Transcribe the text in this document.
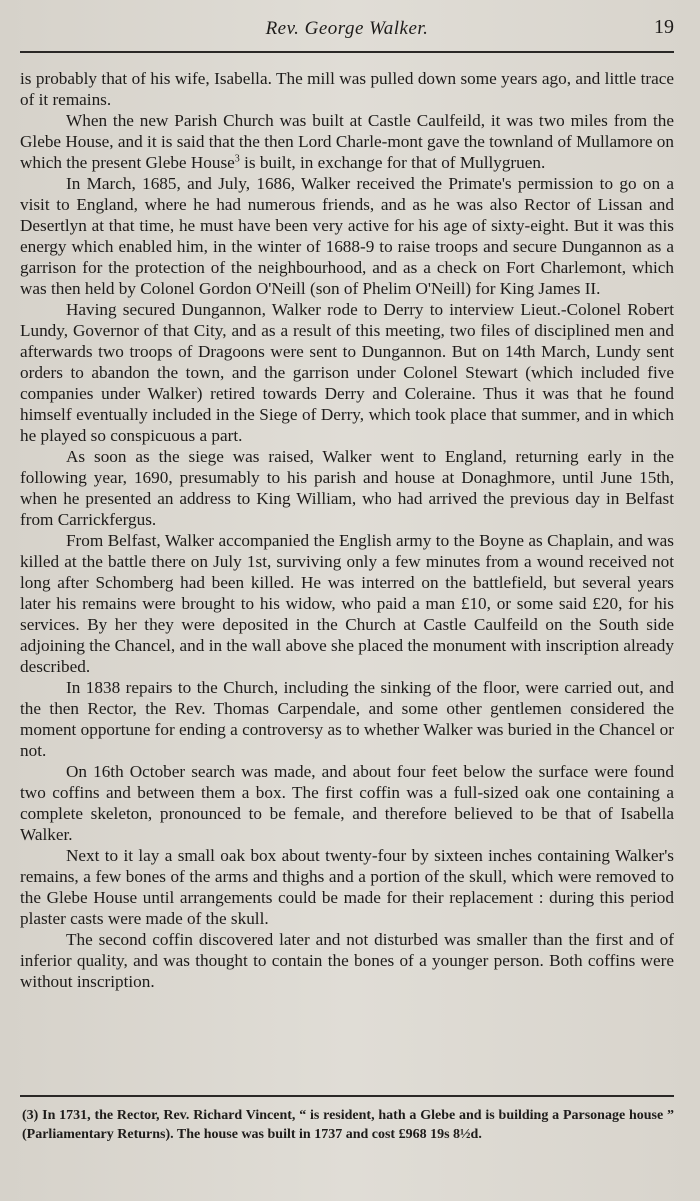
Rev. George Walker.	19

is probably that of his wife, Isabella. The mill was pulled down some years ago, and little trace of it remains.

When the new Parish Church was built at Castle Caulfeild, it was two miles from the Glebe House, and it is said that the then Lord Charle-mont gave the townland of Mullamore on which the present Glebe House$^3$ is built, in exchange for that of Mullygruen.

In March, 1685, and July, 1686, Walker received the Primate's permission to go on a visit to England, where he had numerous friends, and as he was also Rector of Lissan and Desertlyn at that time, he must have been very active for his age of sixty-eight. But it was this energy which enabled him, in the winter of 1688-9 to raise troops and secure Dungannon as a garrison for the protection of the neighbourhood, and as a check on Fort Charlemont, which was then held by Colonel Gordon O'Neill (son of Phelim O'Neill) for King James II.

Having secured Dungannon, Walker rode to Derry to interview Lieut.-Colonel Robert Lundy, Governor of that City, and as a result of this meeting, two files of disciplined men and afterwards two troops of Dragoons were sent to Dungannon. But on 14th March, Lundy sent orders to abandon the town, and the garrison under Colonel Stewart (which included five companies under Walker) retired towards Derry and Coleraine. Thus it was that he found himself eventually included in the Siege of Derry, which took place that summer, and in which he played so conspicuous a part.

As soon as the siege was raised, Walker went to England, returning early in the following year, 1690, presumably to his parish and house at Donaghmore, until June 15th, when he presented an address to King William, who had arrived the previous day in Belfast from Carrickfergus.

From Belfast, Walker accompanied the English army to the Boyne as Chaplain, and was killed at the battle there on July 1st, surviving only a few minutes from a wound received not long after Schomberg had been killed. He was interred on the battlefield, but several years later his remains were brought to his widow, who paid a man £10, or some said £20, for his services. By her they were deposited in the Church at Castle Caulfeild on the South side adjoining the Chancel, and in the wall above she placed the monument with inscription already described.

In 1838 repairs to the Church, including the sinking of the floor, were carried out, and the then Rector, the Rev. Thomas Carpendale, and some other gentlemen considered the moment opportune for ending a controversy as to whether Walker was buried in the Chancel or not.

On 16th October search was made, and about four feet below the surface were found two coffins and between them a box. The first coffin was a full-sized oak one containing a complete skeleton, pronounced to be female, and therefore believed to be that of Isabella Walker.

Next to it lay a small oak box about twenty-four by sixteen inches containing Walker's remains, a few bones of the arms and thighs and a portion of the skull, which were removed to the Glebe House until arrangements could be made for their replacement : during this period plaster casts were made of the skull.

The second coffin discovered later and not disturbed was smaller than the first and of inferior quality, and was thought to contain the bones of a younger person. Both coffins were without inscription.

(3) In 1731, the Rector, Rev. Richard Vincent, “ is resident, hath a Glebe and is building a Parsonage house ” (Parliamentary Returns). The house was built in 1737 and cost £968 19s 8½d.
